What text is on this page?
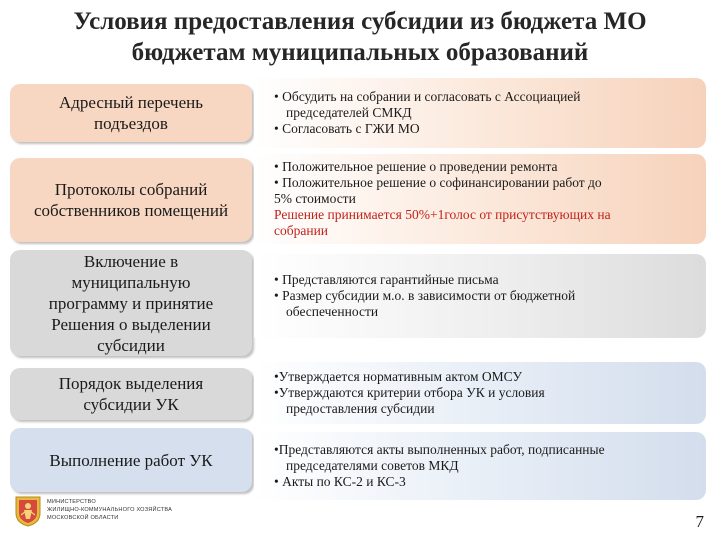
Условия предоставления субсидии из бюджета МО
бюджетам муниципальных образований
Адресный перечень
подъездов
• Обсудить на собрании и согласовать с Ассоциацией
председателей СМКД
• Согласовать с ГЖИ МО
Протоколы собраний
собственников помещений
• Положительное решение о проведении ремонта
• Положительное решение о софинансировании работ до
5% стоимости
Решение принимается 50%+1голос от присутствующих на
собрании
Включение в
муниципальную
программу и принятие
Решения о выделении
субсидии
• Представляются гарантийные письма
• Размер субсидии м.о. в зависимости от бюджетной
обеспеченности
Порядок выделения
субсидии УК
•Утверждается нормативным актом ОМСУ
•Утверждаются критерии отбора УК и условия
предоставления субсидии
Выполнение работ УК
•Представляются акты выполненных работ, подписанные
председателями советов МКД
• Акты по КС-2 и КС-3
МИНИСТЕРСТВО
ЖИЛИЩНО-КОММУНАЛЬНОГО ХОЗЯЙСТВА
МОСКОВСКОЙ ОБЛАСТИ	7
